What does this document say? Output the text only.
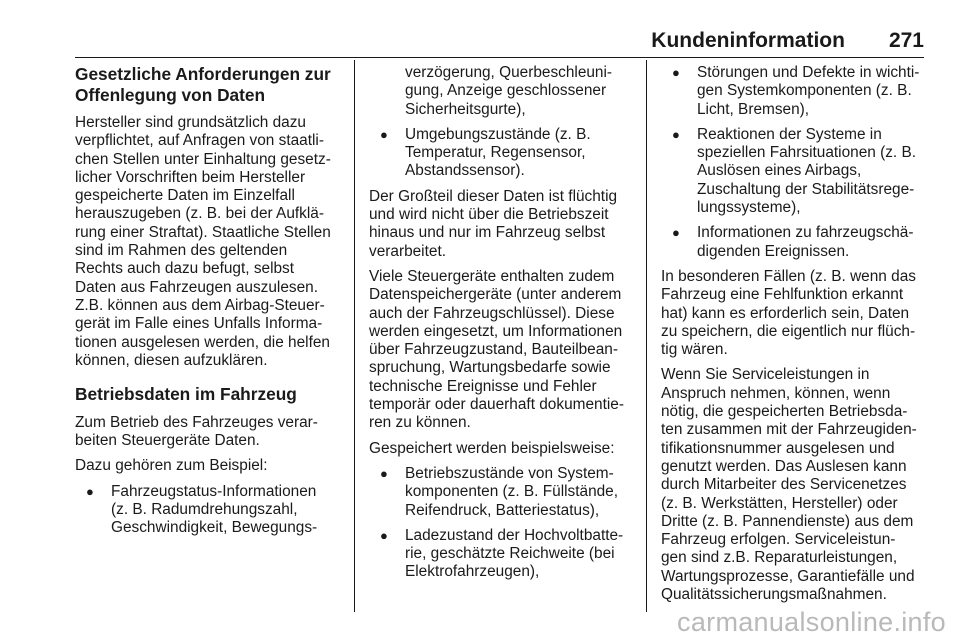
Kundeninformation 271
Gesetzliche Anforderungen zur
Offenlegung von Daten

Hersteller sind grundsätzlich dazu
verpflichtet, auf Anfragen von staatli‐
chen Stellen unter Einhaltung gesetz‐
licher Vorschriften beim Hersteller
gespeicherte Daten im Einzelfall
herauszugeben (z. B. bei der Aufklä‐
rung einer Straftat). Staatliche Stellen
sind im Rahmen des geltenden
Rechts auch dazu befugt, selbst
Daten aus Fahrzeugen auszulesen.
Z.B. können aus dem Airbag-Steuer‐
gerät im Falle eines Unfalls Informa‐
tionen ausgelesen werden, die helfen
können, diesen aufzuklären.

Betriebsdaten im Fahrzeug

Zum Betrieb des Fahrzeuges verar‐
beiten Steuergeräte Daten.

Dazu gehören zum Beispiel:

●	Fahrzeugstatus-Informationen
(z. B. Radumdrehungszahl,
Geschwindigkeit, Bewegungs‐

verzögerung, Querbeschleuni‐
gung, Anzeige geschlossener
Sicherheitsgurte),

●	Umgebungszustände (z. B.
Temperatur, Regensensor,
Abstandssensor).

Der Großteil dieser Daten ist flüchtig
und wird nicht über die Betriebszeit
hinaus und nur im Fahrzeug selbst
verarbeitet.

Viele Steuergeräte enthalten zudem
Datenspeichergeräte (unter anderem
auch der Fahrzeugschlüssel). Diese
werden eingesetzt, um Informationen
über Fahrzeugzustand, Bauteilbean‐
spruchung, Wartungsbedarfe sowie
technische Ereignisse und Fehler
temporär oder dauerhaft dokumentie‐
ren zu können.

Gespeichert werden beispielsweise:

●	Betriebszustände von System‐
komponenten (z. B. Füllstände,
Reifendruck, Batteriestatus),
●	Ladezustand der Hochvoltbatte‐
rie, geschätzte Reichweite (bei
Elektrofahrzeugen),
●	Störungen und Defekte in wichti‐
gen Systemkomponenten (z. B.
Licht, Bremsen),
●	Reaktionen der Systeme in
speziellen Fahrsituationen (z. B.
Auslösen eines Airbags,
Zuschaltung der Stabilitätsrege‐
lungssysteme),
●	Informationen zu fahrzeugschä‐
digenden Ereignissen.

In besonderen Fällen (z. B. wenn das
Fahrzeug eine Fehlfunktion erkannt
hat) kann es erforderlich sein, Daten
zu speichern, die eigentlich nur flüch‐
tig wären.

Wenn Sie Serviceleistungen in
Anspruch nehmen, können, wenn
nötig, die gespeicherten Betriebsda‐
ten zusammen mit der Fahrzeugiden‐
tifikationsnummer ausgelesen und
genutzt werden. Das Auslesen kann
durch Mitarbeiter des Servicenetzes
(z. B. Werkstätten, Hersteller) oder
Dritte (z. B. Pannendienste) aus dem
Fahrzeug erfolgen. Serviceleistun‐
gen sind z.B. Reparaturleistungen,
Wartungsprozesse, Garantiefälle und
Qualitätssicherungsmaßnahmen.

carmanualsonline.info
